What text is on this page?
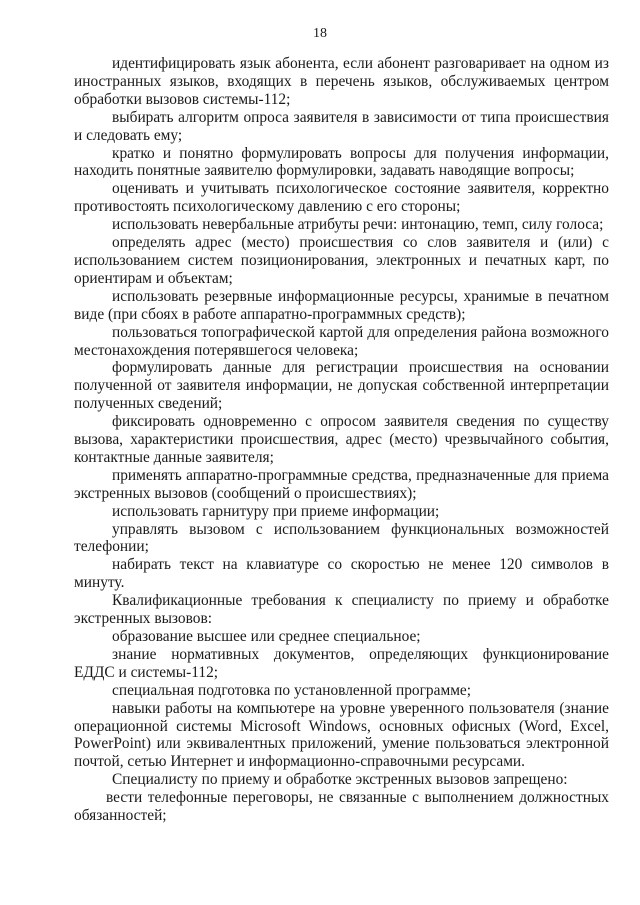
18

идентифицировать язык абонента, если абонент разговаривает на одном из иностранных языков, входящих в перечень языков, обслуживаемых центром обработки вызовов системы-112;

выбирать алгоритм опроса заявителя в зависимости от типа происшествия и следовать ему;

кратко и понятно формулировать вопросы для получения информации, находить понятные заявителю формулировки, задавать наводящие вопросы;

оценивать и учитывать психологическое состояние заявителя, корректно противостоять психологическому давлению с его стороны;

использовать невербальные атрибуты речи: интонацию, темп, силу голоса;

определять адрес (место) происшествия со слов заявителя и (или) с использованием систем позиционирования, электронных и печатных карт, по ориентирам и объектам;

использовать резервные информационные ресурсы, хранимые в печатном виде (при сбоях в работе аппаратно-программных средств);

пользоваться топографической картой для определения района возможного местонахождения потерявшегося человека;

формулировать данные для регистрации происшествия на основании полученной от заявителя информации, не допуская собственной интерпретации полученных сведений;

фиксировать одновременно с опросом заявителя сведения по существу вызова, характеристики происшествия, адрес (место) чрезвычайного события, контактные данные заявителя;

применять аппаратно-программные средства, предназначенные для приема экстренных вызовов (сообщений о происшествиях);

использовать гарнитуру при приеме информации;

управлять вызовом с использованием функциональных возможностей телефонии;

набирать текст на клавиатуре со скоростью не менее 120 символов в минуту.

Квалификационные требования к специалисту по приему и обработке экстренных вызовов:

образование высшее или среднее специальное;

знание нормативных документов, определяющих функционирование ЕДДС и системы-112;

специальная подготовка по установленной программе;

навыки работы на компьютере на уровне уверенного пользователя (знание операционной системы Microsoft Windows, основных офисных (Word, Excel, PowerPoint) или эквивалентных приложений, умение пользоваться электронной почтой, сетью Интернет и информационно-справочными ресурсами.

Специалисту по приему и обработке экстренных вызовов запрещено:

вести телефонные переговоры, не связанные с выполнением должностных обязанностей;
